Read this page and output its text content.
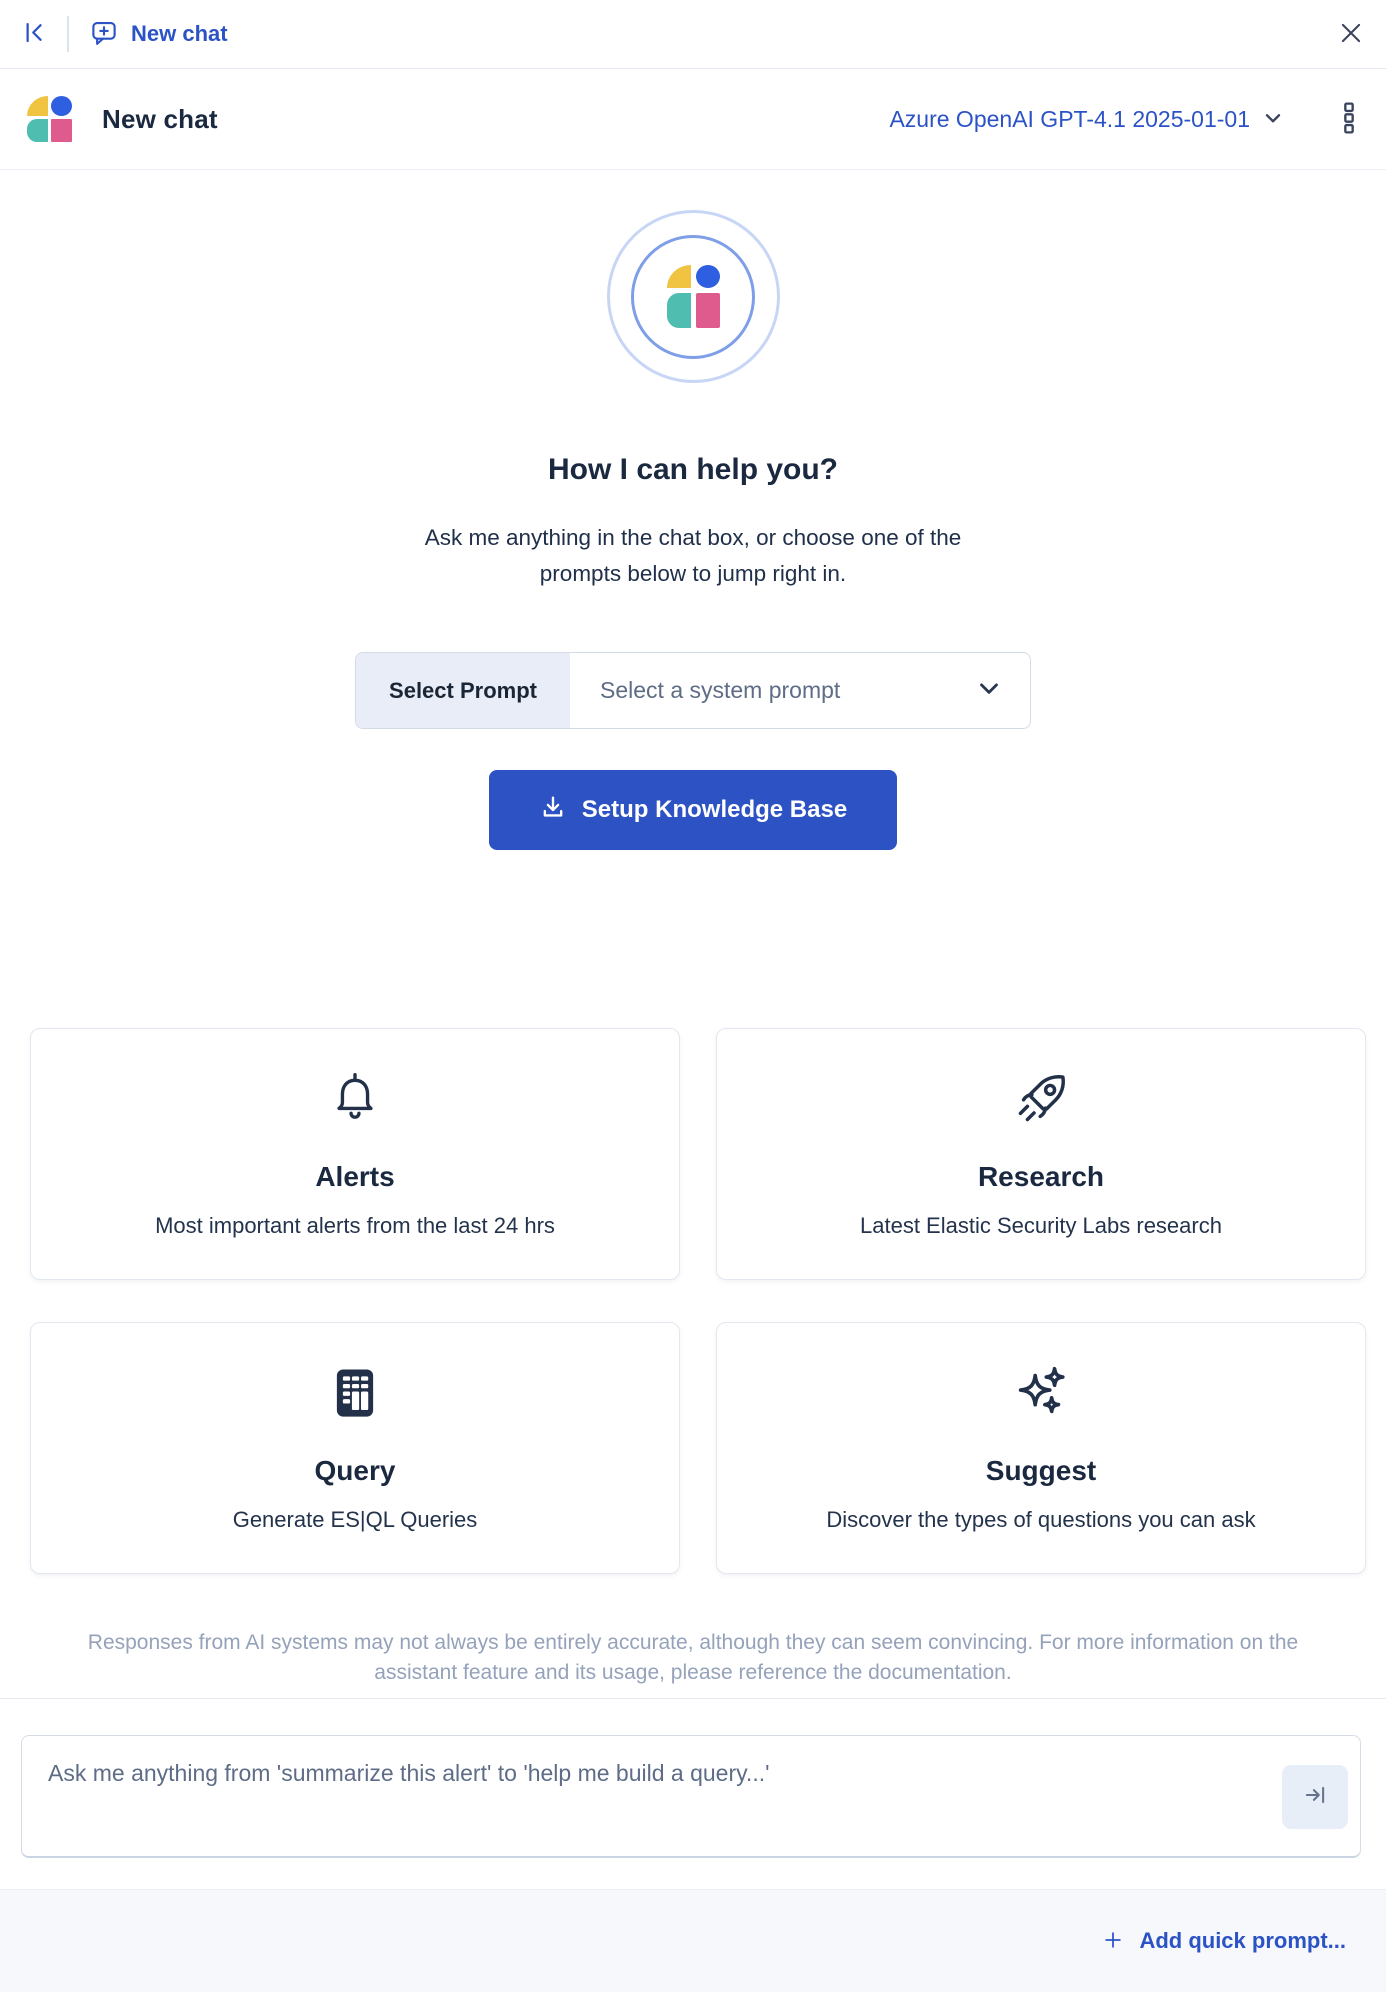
New chat
New chat	Azure OpenAI GPT-4.1 2025-01-01
How I can help you?
Ask me anything in the chat box, or choose one of the prompts below to jump right in.
Select Prompt	Select a system prompt
Setup Knowledge Base
Alerts
Most important alerts from the last 24 hrs
Research
Latest Elastic Security Labs research
Query
Generate ES|QL Queries
Suggest
Discover the types of questions you can ask
Responses from AI systems may not always be entirely accurate, although they can seem convincing. For more information on the assistant feature and its usage, please reference the documentation.
Ask me anything from 'summarize this alert' to 'help me build a query...'
Add quick prompt...
